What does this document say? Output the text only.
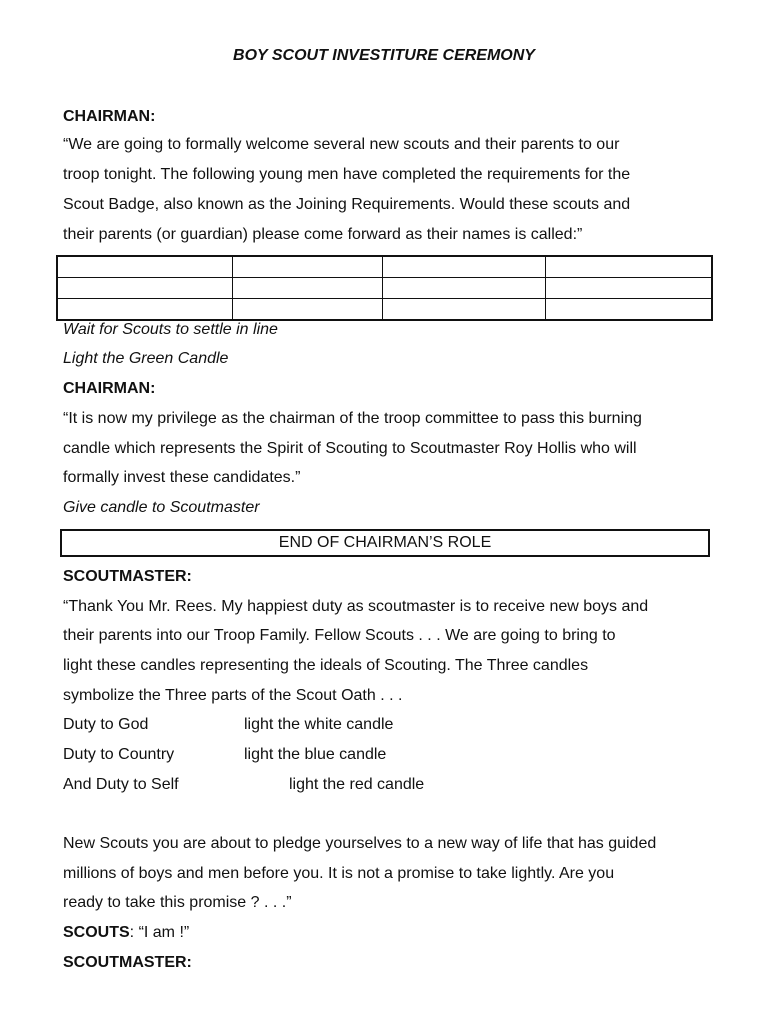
BOY SCOUT INVESTITURE CEREMONY
CHAIRMAN:
“We are going to formally welcome several new scouts and their parents to our
troop tonight. The following young men have completed the requirements for the
Scout Badge, also known as the Joining Requirements. Would these scouts and
their parents (or guardian) please come forward as their names is called:”

Wait for Scouts to settle in line
Light the Green Candle
CHAIRMAN:
“It is now my privilege as the chairman of the troop committee to pass this burning
candle which represents the Spirit of Scouting to Scoutmaster Roy Hollis who will
formally invest these candidates.”
Give candle to Scoutmaster
END OF CHAIRMAN’S ROLE
SCOUTMASTER:
“Thank You Mr. Rees. My happiest duty as scoutmaster is to receive new boys and
their parents into our Troop Family. Fellow Scouts . . . We are going to bring to
light these candles representing the ideals of Scouting. The Three candles
symbolize the Three parts of the Scout Oath . . .
Duty to God	light the white candle
Duty to Country	light the blue candle
And Duty to Self	light the red candle
New Scouts you are about to pledge yourselves to a new way of life that has guided
millions of boys and men before you. It is not a promise to take lightly. Are you
ready to take this promise ? . . .”
SCOUTS: “I am !”
SCOUTMASTER:
